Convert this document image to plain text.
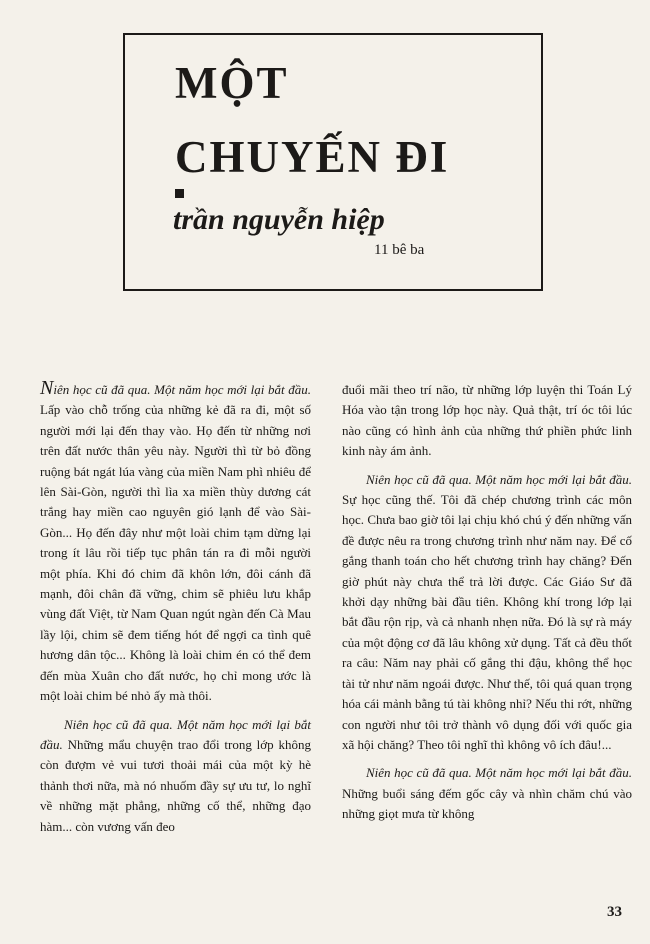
MỘT
CHUYẾN ĐI
trần nguyễn hiệp
11 bê ba

Niên học cũ đã qua. Một năm học mới lại bắt đầu. Lấp vào chỗ trống của những kẻ đã ra đi, một số người mới lại đến thay vào. Họ đến từ những nơi trên đất nước thân yêu này. Người thì từ bỏ đồng ruộng bát ngát lúa vàng của miền Nam phì nhiêu để lên Sài-Gòn, người thì lìa xa miền thùy dương cát trắng hay miền cao nguyên gió lạnh để vào Sài-Gòn... Họ đến đây như một loài chim tạm dừng lại trong ít lâu rồi tiếp tục phân tán ra đi mỗi người một phía. Khi đó chim đã khôn lớn, đôi cánh đã mạnh, đôi chân đã vững, chim sẽ phiêu lưu khắp vùng đất Việt, từ Nam Quan ngút ngàn đến Cà Mau lầy lội, chim sẽ đem tiếng hót để ngợi ca tình quê hương dân tộc... Không là loài chim én có thể đem đến mùa Xuân cho đất nước, họ chỉ mong ước là một loài chim bé nhỏ ấy mà thôi.

Niên học cũ đã qua. Một năm học mới lại bắt đầu. Những mẩu chuyện trao đổi trong lớp không còn đượm vẻ vui tươi thoải mái của một kỳ hè thảnh thơi nữa, mà nó nhuốm đầy sự ưu tư, lo nghĩ về những mặt phẳng, những cố thể, những đạo hàm... còn vương vấn đeo

đuổi mãi theo trí não, từ những lớp luyện thi Toán Lý Hóa vào tận trong lớp học này. Quả thật, trí óc tôi lúc nào cũng có hình ảnh của những thứ phiền phức linh kinh này ám ảnh.

Niên học cũ đã qua. Một năm học mới lại bắt đầu. Sự học cũng thế. Tôi đã chép chương trình các môn học. Chưa bao giờ tôi lại chịu khó chú ý đến những vấn đề được nêu ra trong chương trình như năm nay. Để cố gắng thanh toán cho hết chương trình hay chăng? Đến giờ phút này chưa thể trả lời được. Các Giáo Sư đã khởi dạy những bài đầu tiên. Không khí trong lớp lại bắt đầu rộn rịp, và cả nhanh nhẹn nữa. Đó là sự rà máy của một động cơ đã lâu không xử dụng. Tất cả đều thốt ra câu: Năm nay phải cố gắng thi đậu, không thể học tài tử như năm ngoái được. Như thế, tôi quá quan trọng hóa cái mảnh bằng tú tài không nhỉ? Nếu thi rớt, những con người như tôi trở thành vô dụng đối với quốc gia xã hội chăng? Theo tôi nghĩ thì không vô ích đâu!...

Niên học cũ đã qua. Một năm học mới lại bắt đầu. Những buổi sáng đếm gốc cây và nhìn chăm chú vào những giọt mưa từ không

33
